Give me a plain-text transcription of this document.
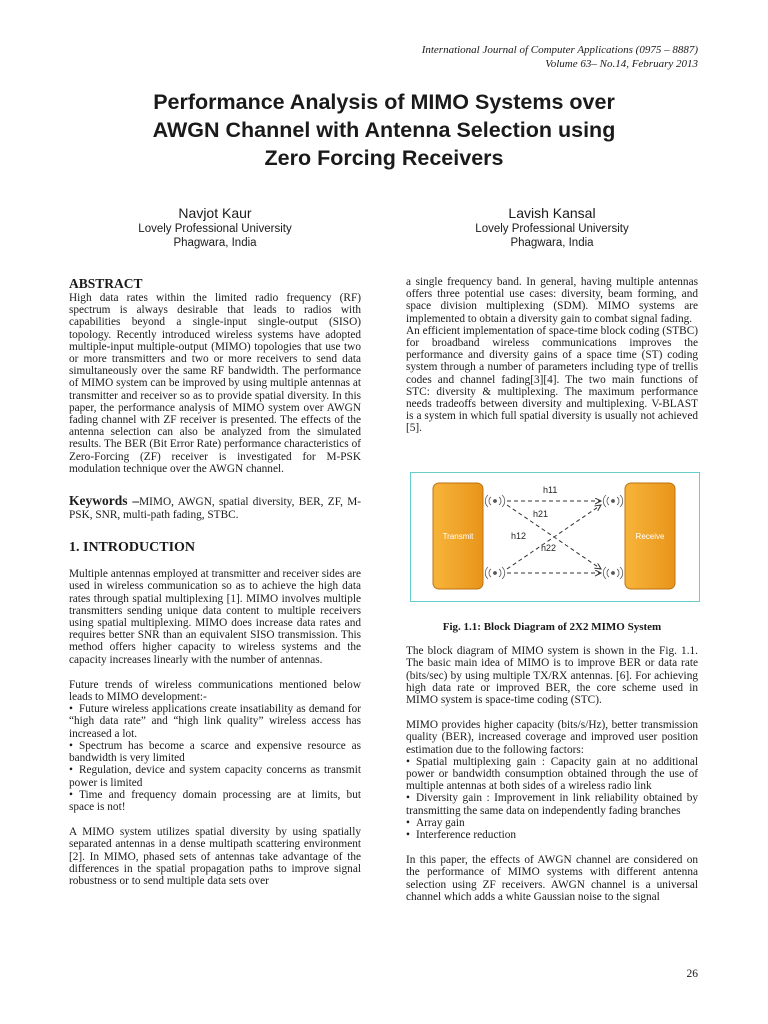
International Journal of Computer Applications (0975 – 8887)
Volume 63– No.14, February 2013
Performance Analysis of MIMO Systems over
AWGN Channel with Antenna Selection using
Zero Forcing Receivers
Navjot Kaur
Lovely Professional University
Phagwara, India
Lavish Kansal
Lovely Professional University
Phagwara, India
ABSTRACT

High data rates within the limited radio frequency (RF) spectrum is always desirable that leads to radios with capabilities beyond a single-input single-output (SISO) topology. Recently introduced wireless systems have adopted multiple-input multiple-output (MIMO) topologies that use two or more transmitters and two or more receivers to send data simultaneously over the same RF bandwidth. The performance of MIMO system can be improved by using multiple antennas at transmitter and receiver so as to provide spatial diversity. In this paper, the performance analysis of MIMO system over AWGN fading channel with ZF receiver is presented. The effects of the antenna selection can also be analyzed from the simulated results. The BER (Bit Error Rate) performance characteristics of Zero-Forcing (ZF) receiver is investigated for M-PSK modulation technique over the AWGN channel.

Keywords –MIMO, AWGN, spatial diversity, BER, ZF, M-PSK, SNR, multi-path fading, STBC.

1. INTRODUCTION

Multiple antennas employed at transmitter and receiver sides are used in wireless communication so as to achieve the high data rates through spatial multiplexing [1]. MIMO involves multiple transmitters sending unique data content to multiple receivers using spatial multiplexing. MIMO does increase data rates and requires better SNR than an equivalent SISO transmission. This method offers higher capacity to wireless systems and the capacity increases linearly with the number of antennas.

Future trends of wireless communications mentioned below leads to MIMO development:-

• Future wireless applications create insatiability as demand for “high data rate” and “high link quality” wireless access has increased a lot.
• Spectrum has become a scarce and expensive resource as bandwidth is very limited
• Regulation, device and system capacity concerns as transmit power is limited
• Time and frequency domain processing are at limits, but space is not!

A MIMO system utilizes spatial diversity by using spatially separated antennas in a dense multipath scattering environment [2]. In MIMO, phased sets of antennas take advantage of the differences in the spatial propagation paths to improve signal robustness or to send multiple data sets over

a single frequency band. In general, having multiple antennas offers three potential use cases: diversity, beam forming, and space division multiplexing (SDM). MIMO systems are implemented to obtain a diversity gain to combat signal fading.

An efficient implementation of space-time block coding (STBC) for broadband wireless communications improves the performance and diversity gains of a space time (ST) coding system through a number of parameters including type of trellis codes and channel fading[3][4]. The two main functions of STC: diversity & multiplexing. The maximum performance needs tradeoffs between diversity and multiplexing. V-BLAST is a system in which full spatial diversity is usually not achieved [5].

Transmit	Receive
h11
h21
h12
h22
Fig. 1.1: Block Diagram of 2X2 MIMO System

The block diagram of MIMO system is shown in the Fig. 1.1. The basic main idea of MIMO is to improve BER or data rate (bits/sec) by using multiple TX/RX antennas. [6]. For achieving high data rate or improved BER, the core scheme used in MIMO system is space-time coding (STC).

MIMO provides higher capacity (bits/s/Hz), better transmission quality (BER), increased coverage and improved user position estimation due to the following factors:

• Spatial multiplexing gain : Capacity gain at no additional power or bandwidth consumption obtained through the use of multiple antennas at both sides of a wireless radio link
• Diversity gain : Improvement in link reliability obtained by transmitting the same data on independently fading branches
• Array gain
• Interference reduction

In this paper, the effects of AWGN channel are considered on the performance of MIMO systems with different antenna selection using ZF receivers. AWGN channel is a universal channel which adds a white Gaussian noise to the signal

26
